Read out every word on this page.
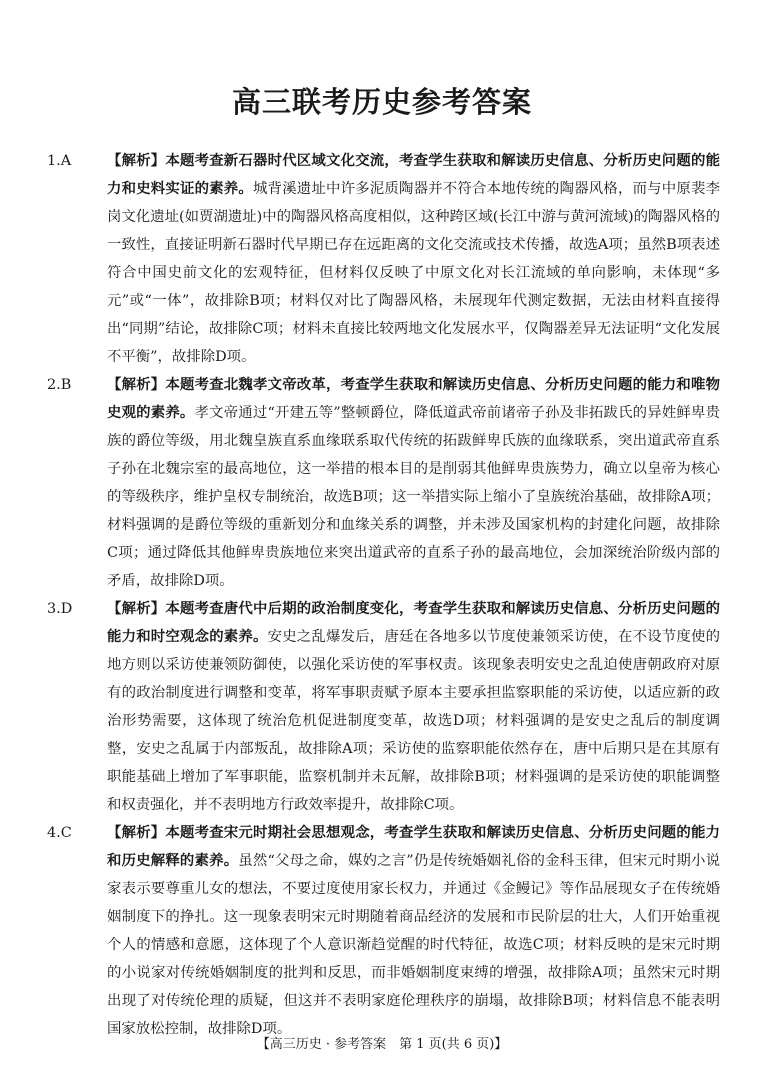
高三联考历史参考答案
1.A	【解析】本题考查新石器时代区域文化交流，考查学生获取和解读历史信息、分析历史问题的能力和史料实证的素养。城背溪遗址中许多泥质陶器并不符合本地传统的陶器风格，而与中原裴李岗文化遗址(如贾湖遗址)中的陶器风格高度相似，这种跨区域(长江中游与黄河流域)的陶器风格的一致性，直接证明新石器时代早期已存在远距离的文化交流或技术传播，故选A项；虽然B项表述符合中国史前文化的宏观特征，但材料仅反映了中原文化对长江流域的单向影响，未体现“多元”或“一体”，故排除B项；材料仅对比了陶器风格，未展现年代测定数据，无法由材料直接得出“同期”结论，故排除C项；材料未直接比较两地文化发展水平，仅陶器差异无法证明“文化发展不平衡”，故排除D项。
2.B	【解析】本题考查北魏孝文帝改革，考查学生获取和解读历史信息、分析历史问题的能力和唯物史观的素养。孝文帝通过“开建五等”整顿爵位，降低道武帝前诸帝子孙及非拓跋氏的异姓鲜卑贵族的爵位等级，用北魏皇族直系血缘联系取代传统的拓跋鲜卑氏族的血缘联系，突出道武帝直系子孙在北魏宗室的最高地位，这一举措的根本目的是削弱其他鲜卑贵族势力，确立以皇帝为核心的等级秩序，维护皇权专制统治，故选B项；这一举措实际上缩小了皇族统治基础，故排除A项；材料强调的是爵位等级的重新划分和血缘关系的调整，并未涉及国家机构的封建化问题，故排除C项；通过降低其他鲜卑贵族地位来突出道武帝的直系子孙的最高地位，会加深统治阶级内部的矛盾，故排除D项。
3.D	【解析】本题考查唐代中后期的政治制度变化，考查学生获取和解读历史信息、分析历史问题的能力和时空观念的素养。安史之乱爆发后，唐廷在各地多以节度使兼领采访使，在不设节度使的地方则以采访使兼领防御使，以强化采访使的军事权责。该现象表明安史之乱迫使唐朝政府对原有的政治制度进行调整和变革，将军事职责赋予原本主要承担监察职能的采访使，以适应新的政治形势需要，这体现了统治危机促进制度变革，故选D项；材料强调的是安史之乱后的制度调整，安史之乱属于内部叛乱，故排除A项；采访使的监察职能依然存在，唐中后期只是在其原有职能基础上增加了军事职能，监察机制并未瓦解，故排除B项；材料强调的是采访使的职能调整和权责强化，并不表明地方行政效率提升，故排除C项。
4.C	【解析】本题考查宋元时期社会思想观念，考查学生获取和解读历史信息、分析历史问题的能力和历史解释的素养。虽然“父母之命，媒妁之言”仍是传统婚姻礼俗的金科玉律，但宋元时期小说家表示要尊重儿女的想法，不要过度使用家长权力，并通过《金鳗记》等作品展现女子在传统婚姻制度下的挣扎。这一现象表明宋元时期随着商品经济的发展和市民阶层的壮大，人们开始重视个人的情感和意愿，这体现了个人意识渐趋觉醒的时代特征，故选C项；材料反映的是宋元时期的小说家对传统婚姻制度的批判和反思，而非婚姻制度束缚的增强，故排除A项；虽然宋元时期出现了对传统伦理的质疑，但这并不表明家庭伦理秩序的崩塌，故排除B项；材料信息不能表明国家放松控制，故排除D项。
【高三历史 · 参考答案　第 1 页(共 6 页)】
